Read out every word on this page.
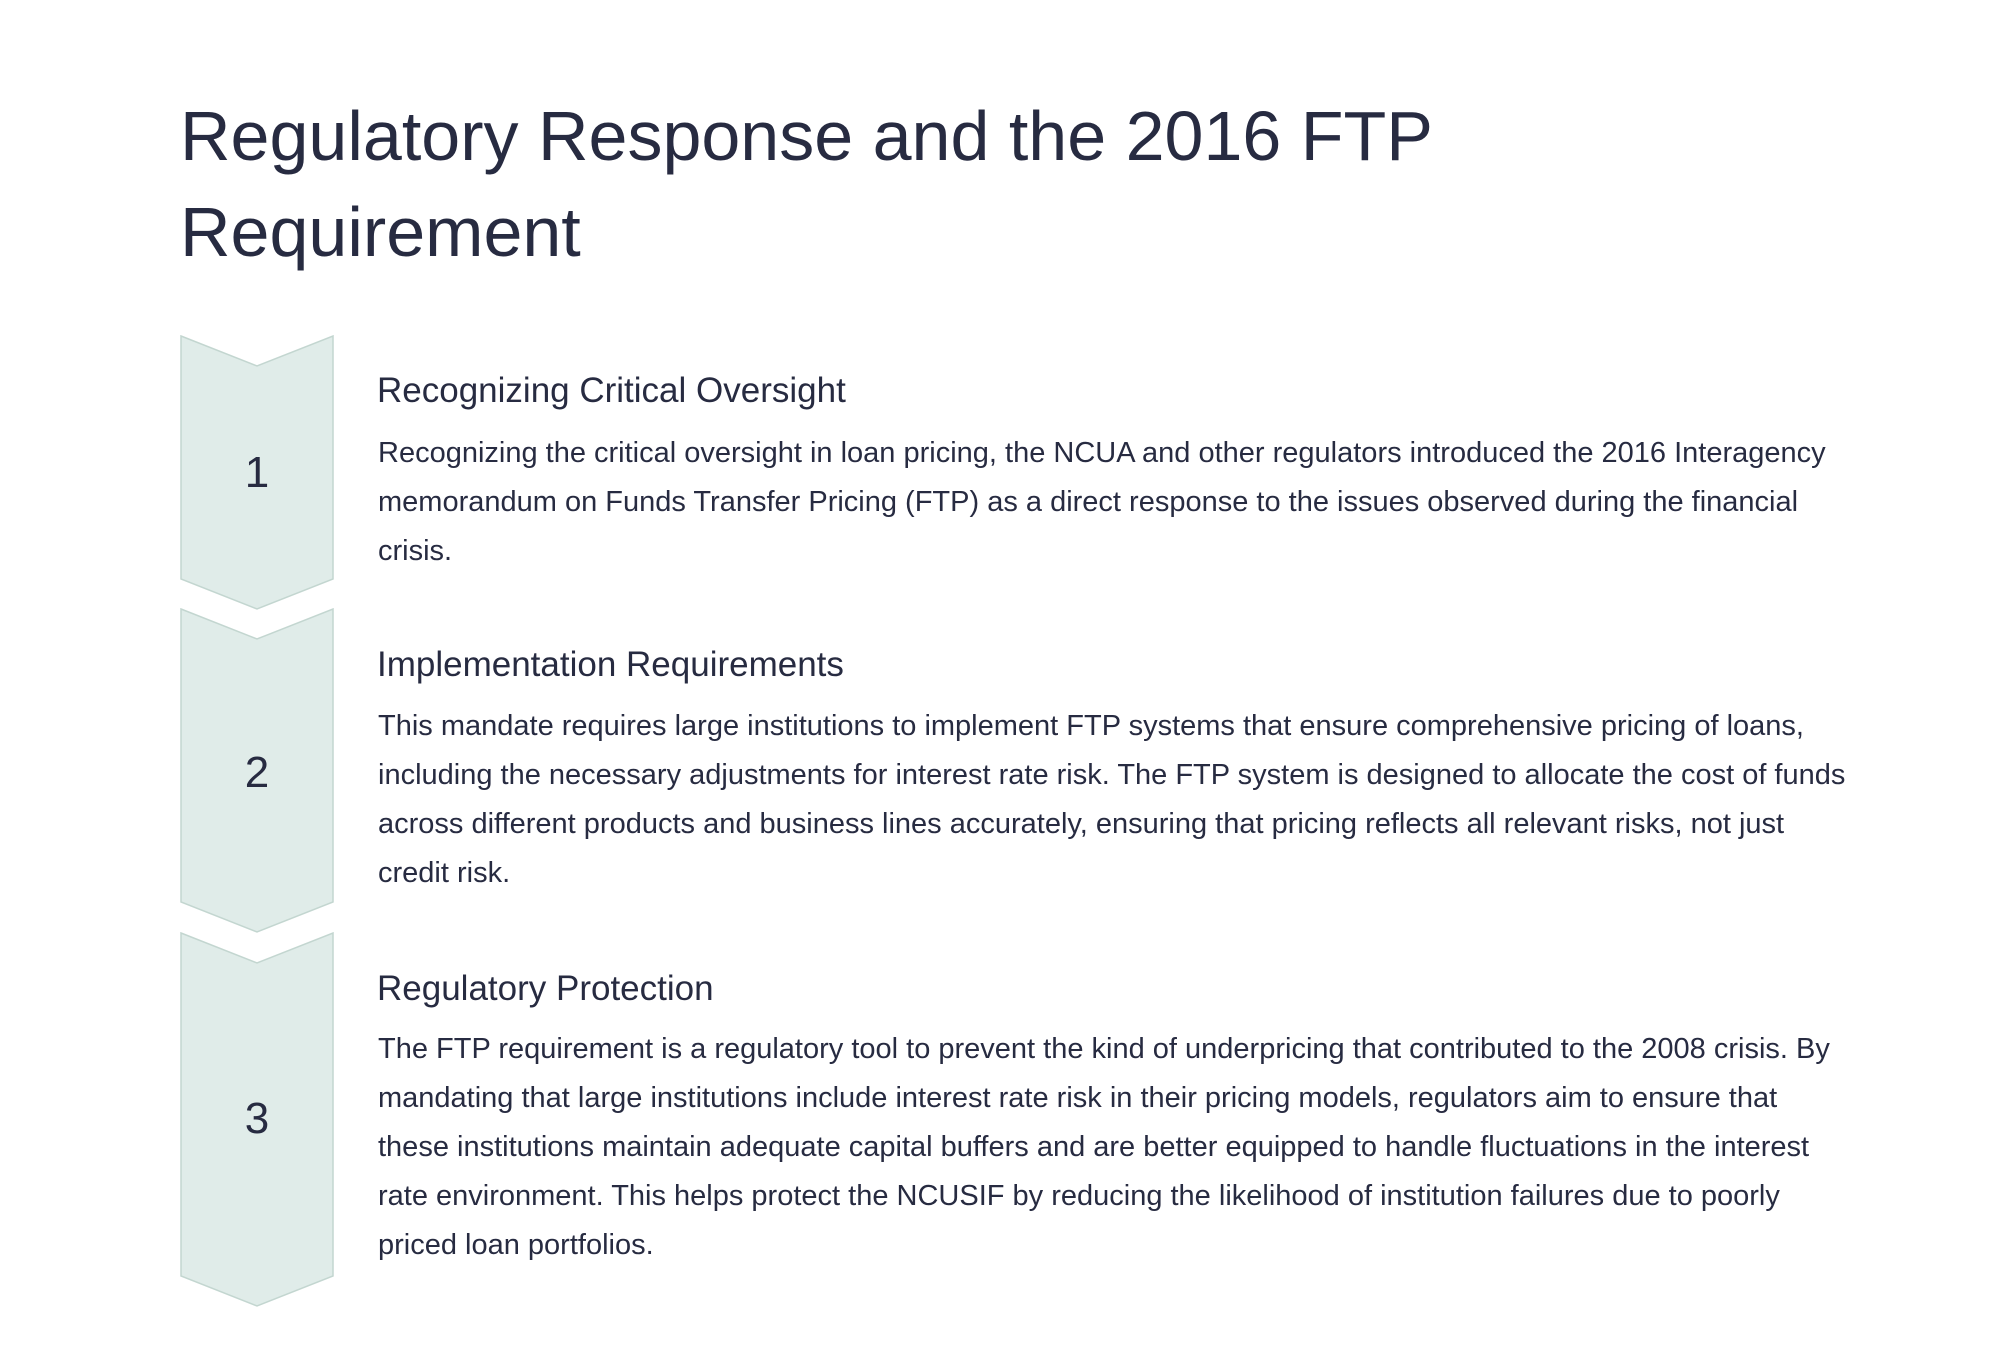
Regulatory Response and the 2016 FTP Requirement
1
Recognizing Critical Oversight

Recognizing the critical oversight in loan pricing, the NCUA and other regulators introduced the 2016 Interagency memorandum on Funds Transfer Pricing (FTP) as a direct response to the issues observed during the financial crisis.

2
Implementation Requirements

This mandate requires large institutions to implement FTP systems that ensure comprehensive pricing of loans, including the necessary adjustments for interest rate risk. The FTP system is designed to allocate the cost of funds across different products and business lines accurately, ensuring that pricing reflects all relevant risks, not just credit risk.

3
Regulatory Protection

The FTP requirement is a regulatory tool to prevent the kind of underpricing that contributed to the 2008 crisis. By mandating that large institutions include interest rate risk in their pricing models, regulators aim to ensure that these institutions maintain adequate capital buffers and are better equipped to handle fluctuations in the interest rate environment. This helps protect the NCUSIF by reducing the likelihood of institution failures due to poorly priced loan portfolios.
